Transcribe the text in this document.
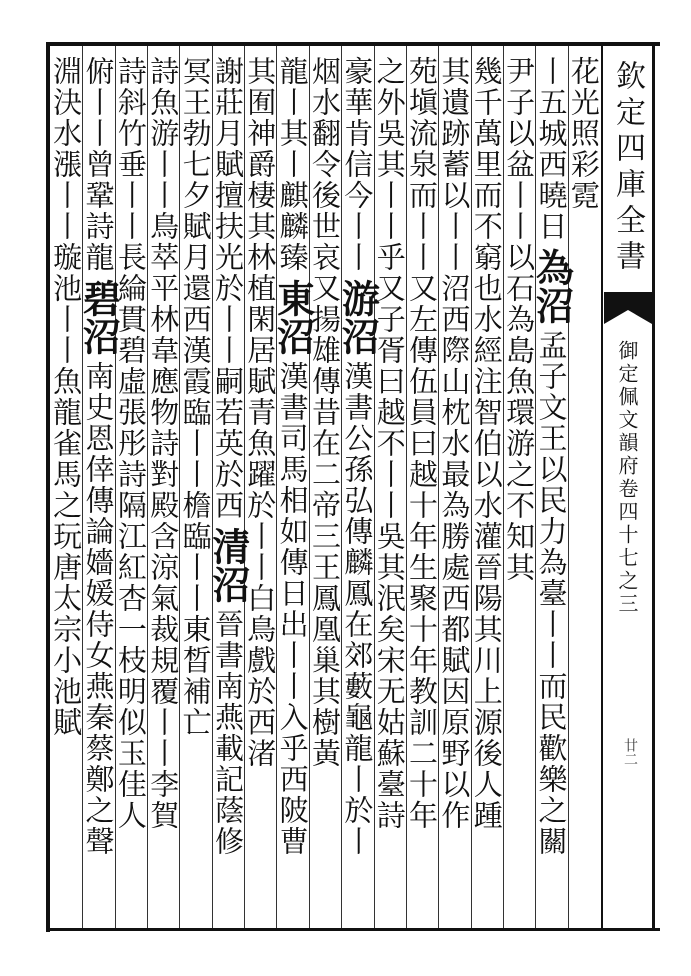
欽定四庫全書
御定佩文韻府卷四十七之三
廿二
花光照彩霓
丨五城西曉日為沼孟子文王以民力為臺丨丨而民歡樂之關
尹子以盆丨丨以石為島魚環游之不知其
幾千萬里而不窮也水經注智伯以水灌晉陽其川上源後人踵
其遺跡蓄以丨丨沼西際山枕水最為勝處西都賦因原野以作
苑塡流泉而丨丨又左傳伍員曰越十年生聚十年教訓二十年
之外吳其丨丨乎又子胥曰越不丨丨吳其泯矣宋无姑蘇臺詩
豪華肯信今丨丨游沼漢書公孫弘傳麟鳳在郊藪龜龍丨於丨
烟水翻令後世哀又揚雄傳昔在二帝三王鳳凰巢其樹黃
龍丨其丨麒麟臻東沼漢書司馬相如傳日出丨丨入乎西陂曹
其囿神爵棲其林植閑居賦青魚躍於丨丨白鳥戲於西渚
謝莊月賦擅扶光於丨丨嗣若英於西清沼晉書南燕載記蔭修
冥王勃七夕賦月還西漢霞臨丨丨檐臨丨丨東晳補亡
詩魚游丨丨鳥萃平林韋應物詩對殿含涼氣裁規覆丨丨李賀
詩斜竹垂丨丨長綸貫碧虛張彤詩隔江紅杏一枝明似玉佳人
俯丨丨曾鞏詩龍碧沼南史恩倖傳論嬙媛侍女燕秦蔡鄭之聲
淵決水漲丨丨璇池丨丨魚龍雀馬之玩唐太宗小池賦
